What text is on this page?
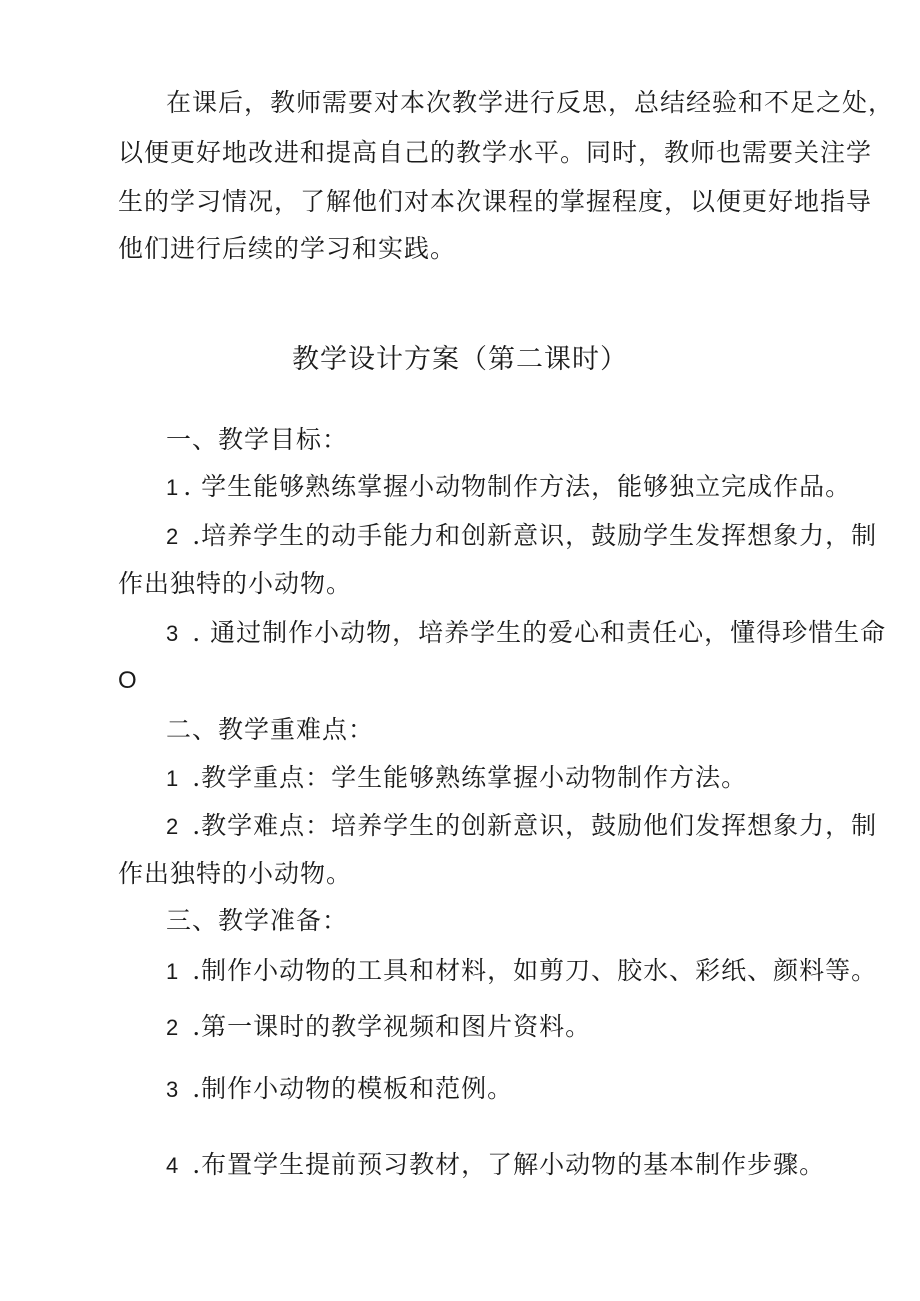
在课后，教师需要对本次教学进行反思，总结经验和不足之处，
以便更好地改进和提高自己的教学水平。同时，教师也需要关注学
生的学习情况，了解他们对本次课程的掌握程度，以便更好地指导
他们进行后续的学习和实践。
教学设计方案（第二课时）
一、教学目标：
1 . 学生能够熟练掌握小动物制作方法，能够独立完成作品。
2 .培养学生的动手能力和创新意识，鼓励学生发挥想象力，制
作出独特的小动物。
3 . 通过制作小动物，培养学生的爱心和责任心，懂得珍惜生命
O
二、教学重难点：
1 .教学重点：学生能够熟练掌握小动物制作方法。
2 .教学难点：培养学生的创新意识，鼓励他们发挥想象力，制
作出独特的小动物。
三、教学准备：
1 .制作小动物的工具和材料，如剪刀、胶水、彩纸、颜料等。
2 .第一课时的教学视频和图片资料。
3 .制作小动物的模板和范例。
4 .布置学生提前预习教材，了解小动物的基本制作步骤。
